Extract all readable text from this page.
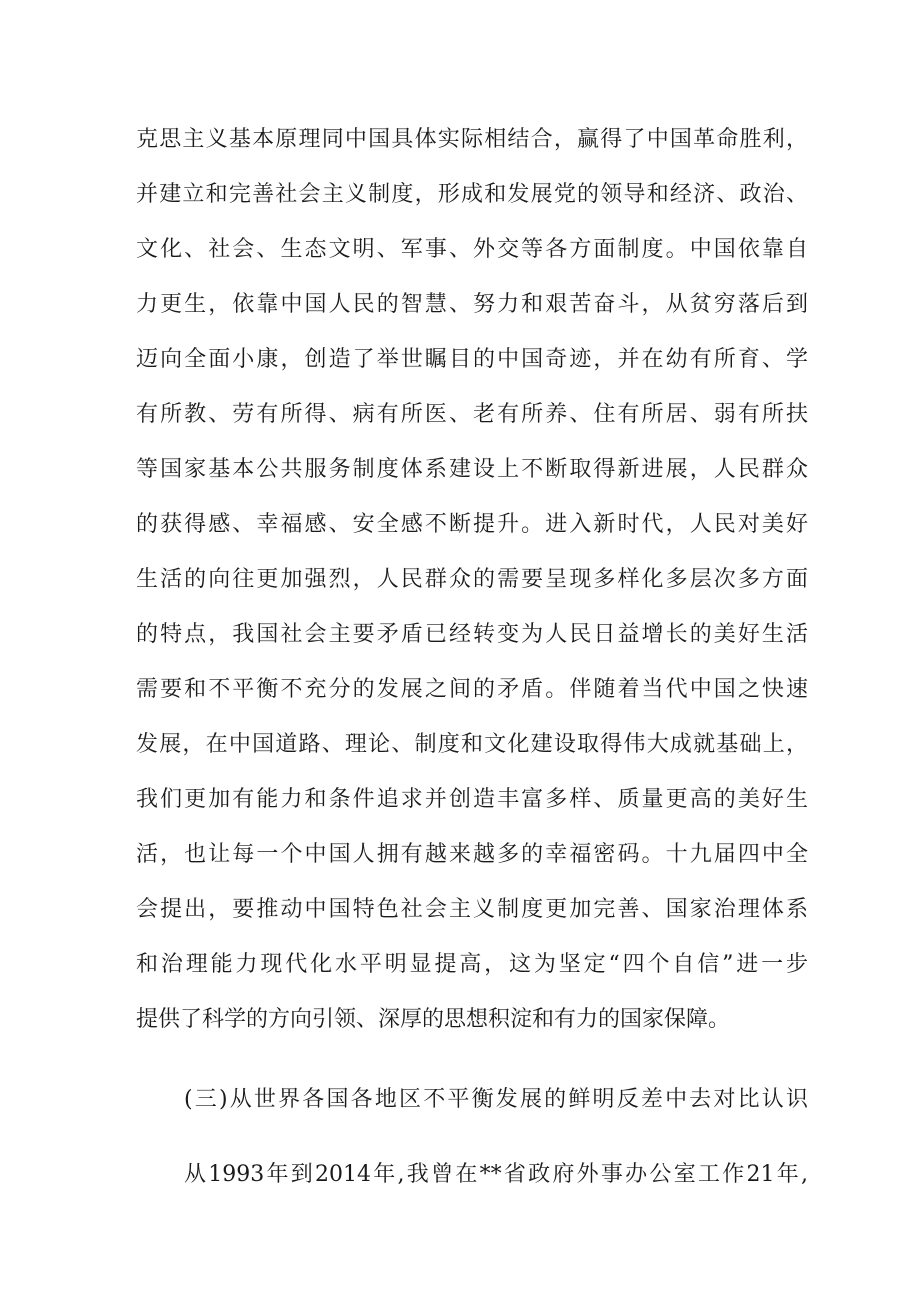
克思主义基本原理同中国具体实际相结合，赢得了中国革命胜利，
并建立和完善社会主义制度，形成和发展党的领导和经济、政治、
文化、社会、生态文明、军事、外交等各方面制度。中国依靠自
力更生，依靠中国人民的智慧、努力和艰苦奋斗，从贫穷落后到
迈向全面小康，创造了举世瞩目的中国奇迹，并在幼有所育、学
有所教、劳有所得、病有所医、老有所养、住有所居、弱有所扶
等国家基本公共服务制度体系建设上不断取得新进展，人民群众
的获得感、幸福感、安全感不断提升。进入新时代，人民对美好
生活的向往更加强烈，人民群众的需要呈现多样化多层次多方面
的特点，我国社会主要矛盾已经转变为人民日益增长的美好生活
需要和不平衡不充分的发展之间的矛盾。伴随着当代中国之快速
发展，在中国道路、理论、制度和文化建设取得伟大成就基础上，
我们更加有能力和条件追求并创造丰富多样、质量更高的美好生
活，也让每一个中国人拥有越来越多的幸福密码。十九届四中全
会提出，要推动中国特色社会主义制度更加完善、国家治理体系
和治理能力现代化水平明显提高，这为坚定“四个自信”进一步
提供了科学的方向引领、深厚的思想积淀和有力的国家保障。
(三)从世界各国各地区不平衡发展的鲜明反差中去对比认识
从1993年到2014年,我曾在**省政府外事办公室工作21年,
